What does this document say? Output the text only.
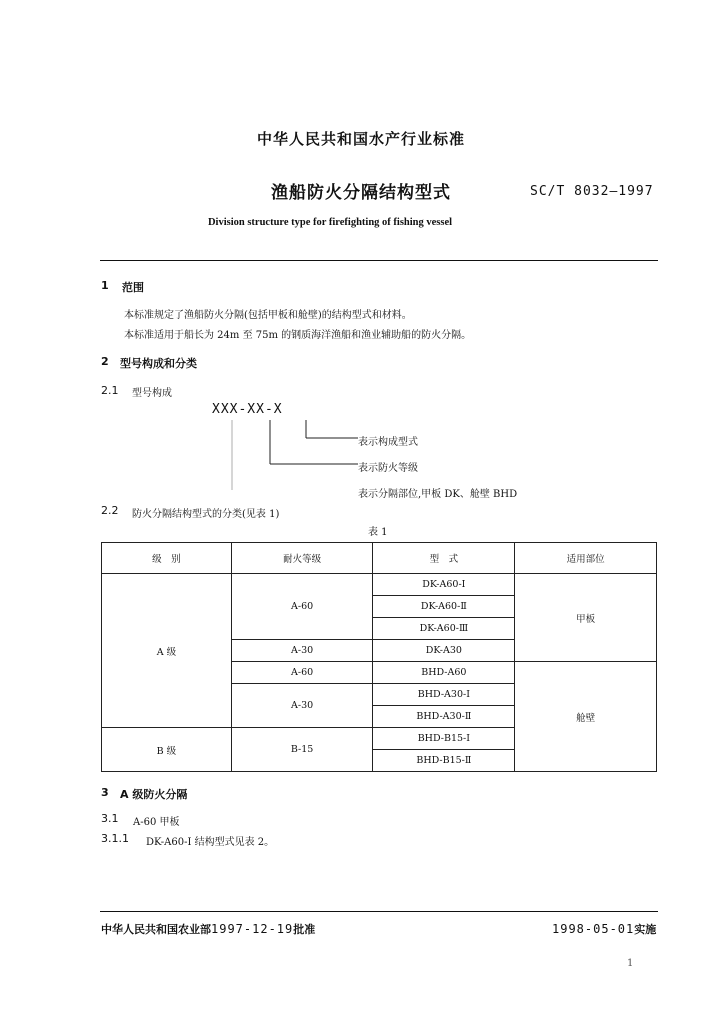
中华人民共和国水产行业标准
渔船防火分隔结构型式	SC/T 8032—1997
Division structure type for firefighting of fishing vessel
1 范围
本标准规定了渔船防火分隔(包括甲板和舱壁)的结构型式和材料。
本标准适用于船长为 24m 至 75m 的钢质海洋渔船和渔业辅助船的防火分隔。
2 型号构成和分类
2.1 型号构成
XXX-XX-X
表示构成型式
表示防火等级
表示分隔部位,甲板 DK、舱壁 BHD
2.2 防火分隔结构型式的分类(见表 1)
表 1
级　别	耐火等级	型　式	适用部位
A 级	A-60	DK-A60-Ⅰ	甲板
		DK-A60-Ⅱ	
		DK-A60-Ⅲ	
	A-30	DK-A30	
	A-60	BHD-A60	舱壁
	A-30	BHD-A30-Ⅰ	
		BHD-A30-Ⅱ	
B 级	B-15	BHD-B15-Ⅰ	
		BHD-B15-Ⅱ	
3 A 级防火分隔
3.1 A-60 甲板
3.1.1 DK-A60-Ⅰ 结构型式见表 2。
中华人民共和国农业部1997-12-19批准	1998-05-01实施
1
